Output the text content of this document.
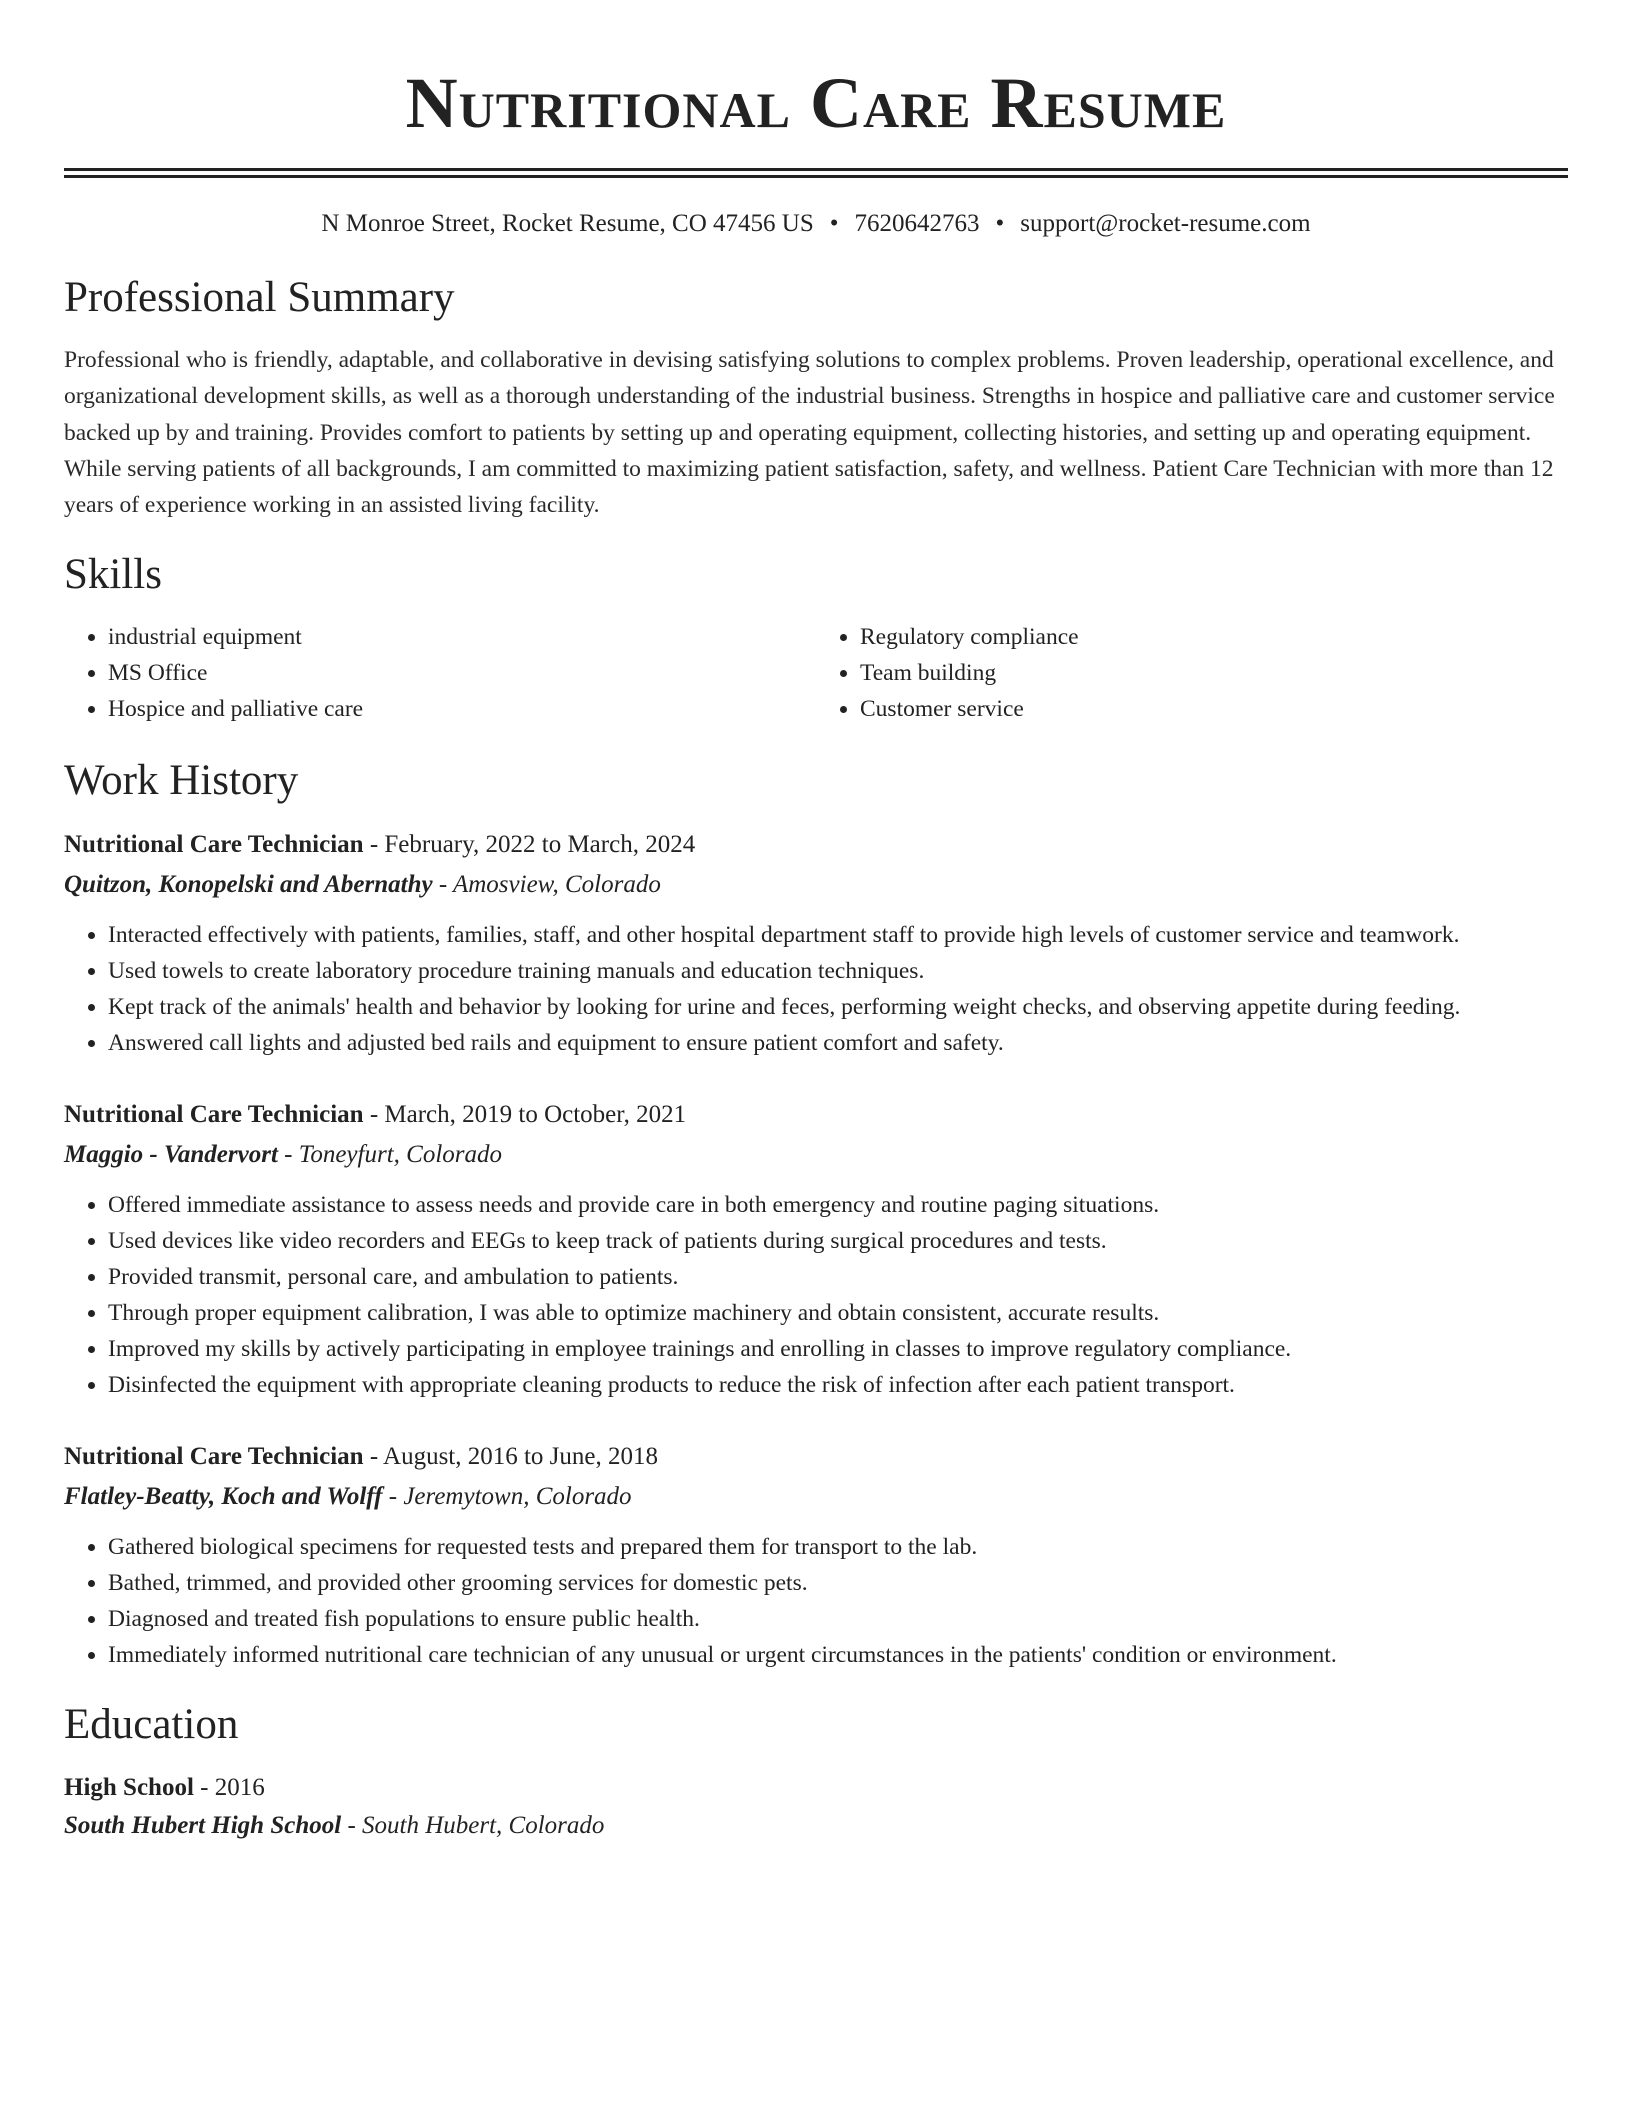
Nutritional Care Resume
N Monroe Street, Rocket Resume, CO 47456 US • 7620642763 • support@rocket-resume.com
Professional Summary
Professional who is friendly, adaptable, and collaborative in devising satisfying solutions to complex problems. Proven leadership, operational excellence, and organizational development skills, as well as a thorough understanding of the industrial business. Strengths in hospice and palliative care and customer service backed up by and training. Provides comfort to patients by setting up and operating equipment, collecting histories, and setting up and operating equipment. While serving patients of all backgrounds, I am committed to maximizing patient satisfaction, safety, and wellness. Patient Care Technician with more than 12 years of experience working in an assisted living facility.
Skills
• industrial equipment
• MS Office
• Hospice and palliative care
• Regulatory compliance
• Team building
• Customer service
Work History
Nutritional Care Technician - February, 2022 to March, 2024
Quitzon, Konopelski and Abernathy - Amosview, Colorado
• Interacted effectively with patients, families, staff, and other hospital department staff to provide high levels of customer service and teamwork.
• Used towels to create laboratory procedure training manuals and education techniques.
• Kept track of the animals' health and behavior by looking for urine and feces, performing weight checks, and observing appetite during feeding.
• Answered call lights and adjusted bed rails and equipment to ensure patient comfort and safety.
Nutritional Care Technician - March, 2019 to October, 2021
Maggio - Vandervort - Toneyfurt, Colorado
• Offered immediate assistance to assess needs and provide care in both emergency and routine paging situations.
• Used devices like video recorders and EEGs to keep track of patients during surgical procedures and tests.
• Provided transmit, personal care, and ambulation to patients.
• Through proper equipment calibration, I was able to optimize machinery and obtain consistent, accurate results.
• Improved my skills by actively participating in employee trainings and enrolling in classes to improve regulatory compliance.
• Disinfected the equipment with appropriate cleaning products to reduce the risk of infection after each patient transport.
Nutritional Care Technician - August, 2016 to June, 2018
Flatley-Beatty, Koch and Wolff - Jeremytown, Colorado
• Gathered biological specimens for requested tests and prepared them for transport to the lab.
• Bathed, trimmed, and provided other grooming services for domestic pets.
• Diagnosed and treated fish populations to ensure public health.
• Immediately informed nutritional care technician of any unusual or urgent circumstances in the patients' condition or environment.
Education
High School - 2016
South Hubert High School - South Hubert, Colorado
